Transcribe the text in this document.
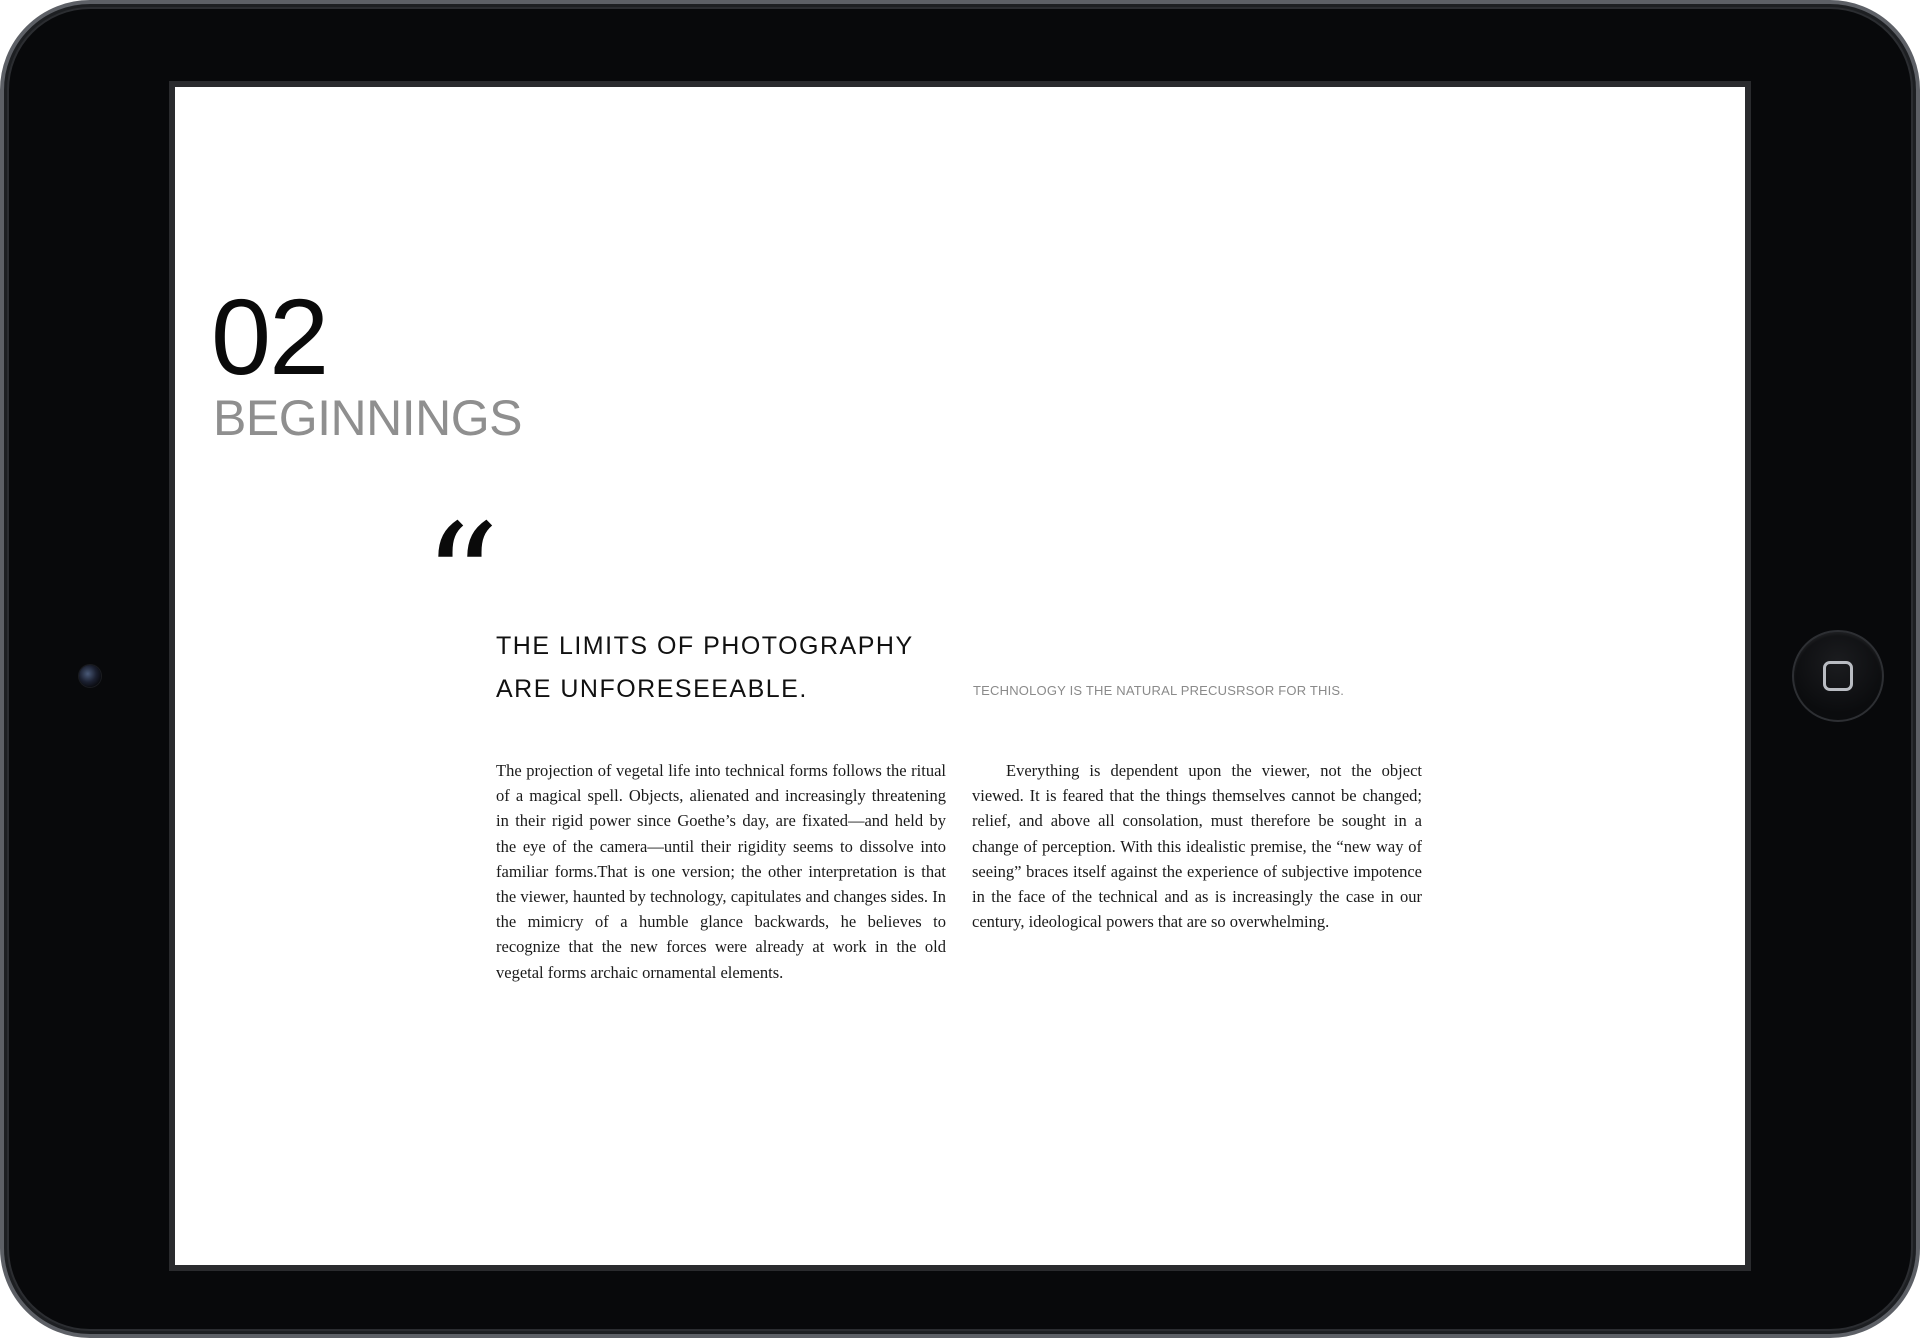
02
BEGINNINGS
“
THE LIMITS OF PHOTOGRAPHY
ARE UNFORESEEABLE.	TECHNOLOGY IS THE NATURAL PRECUSRSOR FOR THIS.

The projection of vegetal life into technical forms follows the ritual of a magical spell. Objects, alienated and increasingly threatening in their rigid power since Goethe’s day, are fixated—and held by the eye of the camera—until their rigidity seems to dissolve into familiar forms.That is one version; the other interpretation is that the viewer, haunted by technology, capitulates and changes sides. In the mimicry of a humble glance backwards, he believes to recognize that the new forces were already at work in the old vegetal forms archaic ornamental elements.

Everything is dependent upon the viewer, not the object viewed. It is feared that the things themselves cannot be changed; relief, and above all consolation, must therefore be sought in a change of perception. With this idealistic premise, the “new way of seeing” braces itself against the experience of subjective impotence in the face of the technical and as is increasingly the case in our century, ideological powers that are so overwhelming.
